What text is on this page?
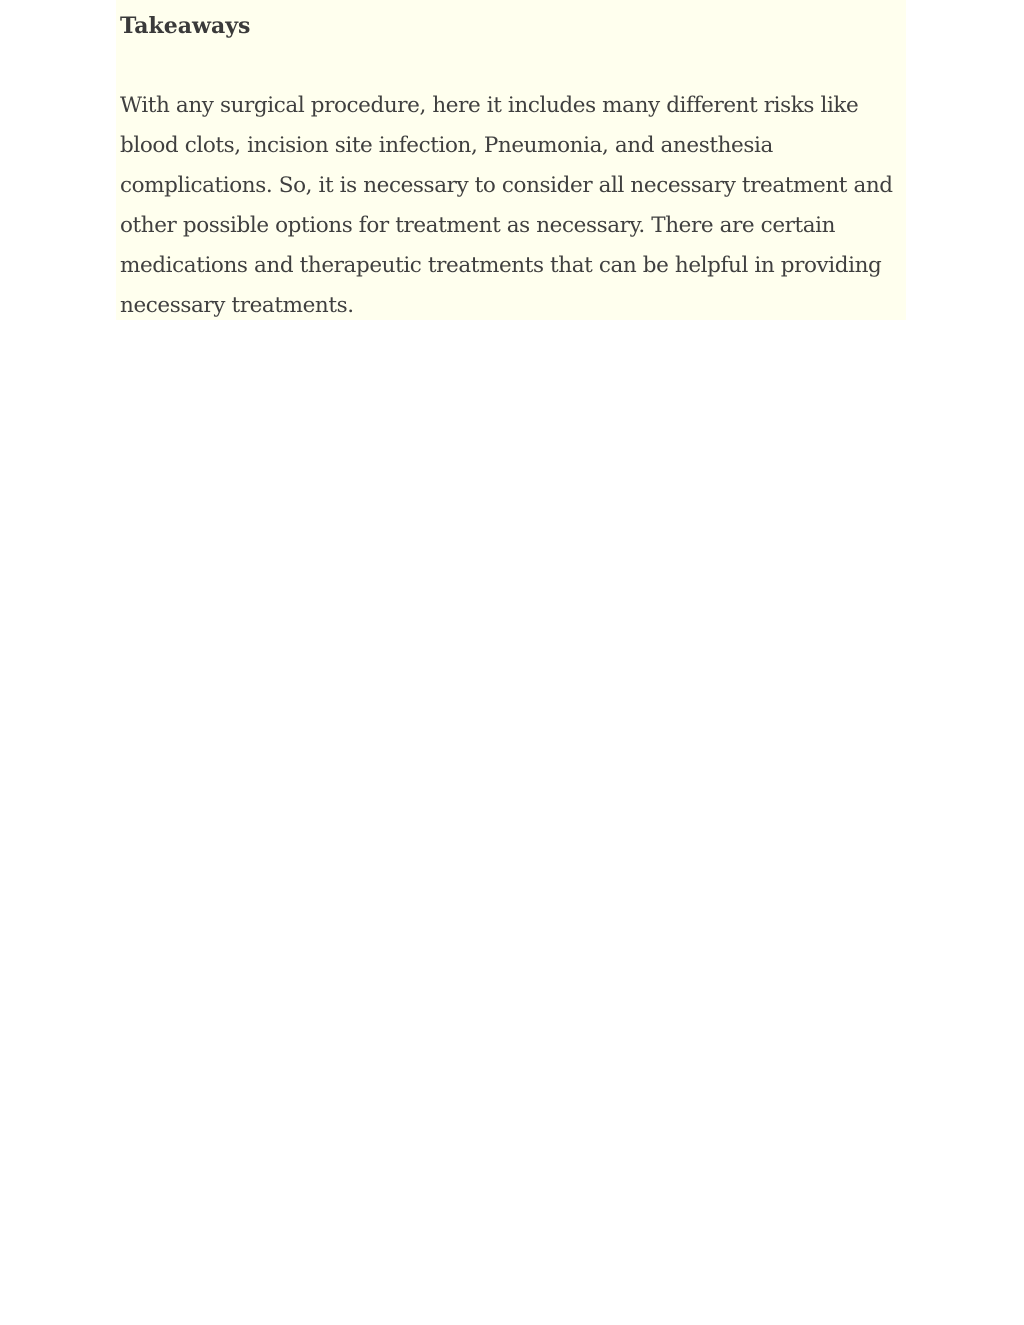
Takeaways

With any surgical procedure, here it includes many different risks like blood clots, incision site infection, Pneumonia, and anesthesia complications. So, it is necessary to consider all necessary treatment and other possible options for treatment as necessary. There are certain medications and therapeutic treatments that can be helpful in providing necessary treatments.
